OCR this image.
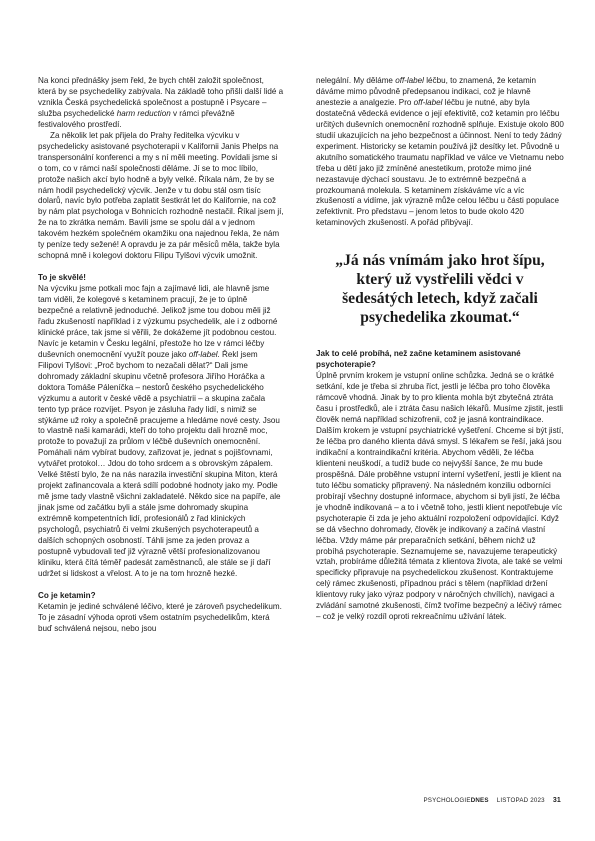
Na konci přednášky jsem řekl, že bych chtěl založit společnost, která by se psychedeliky zabývala. Na základě toho přišli další lidé a vznikla Česká psychedelická společnost a postupně i Psycare – služba psychedelické harm reduction v rámci převážně festivalového prostředí.

Za několik let pak přijela do Prahy ředitelka výcviku v psychedelicky asistované psychoterapii v Kalifornii Janis Phelps na transpersonální konferenci a my s ní měli meeting. Povídali jsme si o tom, co v rámci naší společnosti děláme. Jí se to moc líbilo, protože našich akcí bylo hodně a byly velké. Říkala nám, že by se nám hodil psychedelický výcvik. Jenže v tu dobu stál osm tisíc dolarů, navíc bylo potřeba zaplatit šestkrát let do Kalifornie, na což by nám plat psychologa v Bohnicích rozhodně nestačil. Říkal jsem jí, že na to zkrátka nemám. Bavili jsme se spolu dál a v jednom takovém hezkém společném okamžiku ona najednou řekla, že nám ty peníze tedy sežené! A opravdu je za pár měsíců měla, takže byla schopná mně i kolegovi doktoru Filipu Tylšovi výcvik umožnit.

To je skvělé!

Na výcviku jsme potkali moc fajn a zajímavé lidi, ale hlavně jsme tam viděli, že kolegové s ketaminem pracují, že je to úplně bezpečné a relativně jednoduché. Jelikož jsme tou dobou měli již řadu zkušeností například i z výzkumu psychedelik, ale i z odborné klinické práce, tak jsme si věřili, že dokážeme jít podobnou cestou. Navíc je ketamin v Česku legální, přestože ho lze v rámci léčby duševních onemocnění využít pouze jako off-label. Řekl jsem Filipovi Tylšovi: „Proč bychom to nezačali dělat?“ Dali jsme dohromady základní skupinu včetně profesora Jiřího Horáčka a doktora Tomáše Páleníčka – nestorů českého psychedelického výzkumu a autorit v české vědě a psychiatrii – a skupina začala tento typ práce rozvíjet. Psyon je zásluha řady lidí, s nimiž se stýkáme už roky a společně pracujeme a hledáme nové cesty. Jsou to vlastně naši kamarádi, kteří do toho projektu dali hrozně moc, protože to považují za průlom v léčbě duševních onemocnění. Pomáhali nám vybírat budovy, zařizovat je, jednat s pojišťovnami, vytvářet protokol… Jdou do toho srdcem a s obrovským zápalem. Velké štěstí bylo, že na nás narazila investiční skupina Miton, která projekt zafinancovala a která sdílí podobné hodnoty jako my. Podle mě jsme tady vlastně všichni zakladatelé. Někdo sice na papíře, ale jinak jsme od začátku byli a stále jsme dohromady skupina extrémně kompetentních lidí, profesionálů z řad klinických psychologů, psychiatrů či velmi zkušených psychoterapeutů a dalších schopných osobností. Táhli jsme za jeden provaz a postupně vybudovali teď již výrazně větší profesionalizovanou kliniku, která čítá téměř padesát zaměstnanců, ale stále se jí daří udržet si lidskost a vřelost. A to je na tom hrozně hezké.

Co je ketamin?

Ketamin je jediné schválené léčivo, které je zároveň psychedelikum. To je zásadní výhoda oproti všem ostatním psychedelikům, která buď schválená nejsou, nebo jsou

nelegální. My děláme off-label léčbu, to znamená, že ketamin dáváme mimo původně předepsanou indikaci, což je hlavně anestezie a analgezie. Pro off-label léčbu je nutné, aby byla dostatečná vědecká evidence o její efektivitě, což ketamin pro léčbu určitých duševních onemocnění rozhodně splňuje. Existuje okolo 800 studií ukazujících na jeho bezpečnost a účinnost. Není to tedy žádný experiment. Historicky se ketamin používá již desítky let. Původně u akutního somatického traumatu například ve válce ve Vietnamu nebo třeba u dětí jako již zmíněné anestetikum, protože mimo jiné nezastavuje dýchací soustavu. Je to extrémně bezpečná a prozkoumaná molekula. S ketaminem získáváme víc a víc zkušeností a vidíme, jak výrazně může celou léčbu u části populace zefektivnit. Pro představu – jenom letos to bude okolo 420 ketaminových zkušeností. A pořád přibývají.

„Já nás vnímám jako hrot šípu, který už vystřelili vědci v šedesátých letech, když začali psychedelika zkoumat.“

Jak to celé probíhá, než začne ketaminem asistované psychoterapie?

Úplně prvním krokem je vstupní online schůzka. Jedná se o krátké setkání, kde je třeba si zhruba říct, jestli je léčba pro toho člověka rámcově vhodná. Jinak by to pro klienta mohla být zbytečná ztráta času i prostředků, ale i ztráta času našich lékařů. Musíme zjistit, jestli člověk nemá například schizofrenii, což je jasná kontraindikace. Dalším krokem je vstupní psychiatrické vyšetření. Chceme si být jistí, že léčba pro daného klienta dává smysl. S lékařem se řeší, jaká jsou indikační a kontraindikační kritéria. Abychom věděli, že léčba klienteni neuškodí, a tudíž bude co nejvyšší šance, že mu bude prospěšná. Dále proběhne vstupní interní vyšetření, jestli je klient na tuto léčbu somaticky připravený. Na následném konziliu odborníci probírají všechny dostupné informace, abychom si byli jistí, že léčba je vhodně indikovaná – a to i včetně toho, jestli klient nepotřebuje víc psychoterapie či zda je jeho aktuální rozpoložení odpovídající. Když se dá všechno dohromady, člověk je indikovaný a začíná vlastní léčba. Vždy máme pár preparačních setkání, během nichž už probíhá psychoterapie. Seznamujeme se, navazujeme terapeutický vztah, probíráme důležitá témata z klientova života, ale také se velmi specificky připravuje na psychedelickou zkušenost. Kontraktujeme celý rámec zkušenosti, případnou práci s tělem (například držení klientovy ruky jako výraz podpory v náročných chvílích), navigaci a zvládání samotné zkušenosti, čímž tvoříme bezpečný a léčivý rámec – což je velký rozdíl oproti rekreačnímu užívání látek.

PSYCHOLOGIEDNES LISTOPAD 2023 31
